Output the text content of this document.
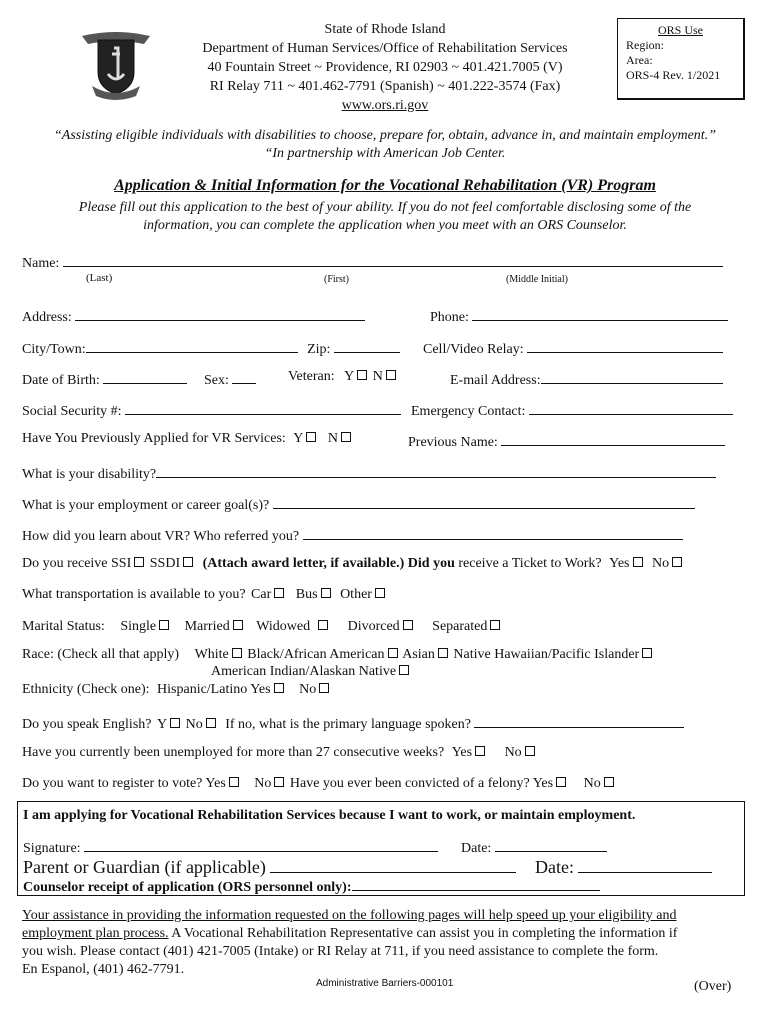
State of Rhode Island
Department of Human Services/Office of Rehabilitation Services
40 Fountain Street ~ Providence, RI 02903 ~ 401.421.7005 (V)
RI Relay 711 ~ 401.462-7791 (Spanish) ~ 401.222-3574 (Fax)
www.ors.ri.gov
ORS Use
Region:
Area:
ORS-4 Rev. 1/2021
“Assisting eligible individuals with disabilities to choose, prepare for, obtain, advance in, and maintain employment.”
“In partnership with American Job Center.
Application & Initial Information for the Vocational Rehabilitation (VR) Program
Please fill out this application to the best of your ability. If you do not feel comfortable disclosing some of the
information, you can complete the application when you meet with an ORS Counselor.
Name:
(Last)	(First)	(Middle Initial)
Address:	Phone:
City/Town:	Zip:	Cell/Video Relay:
Date of Birth:	Sex:	Veteran: Y N	E-mail Address:
Social Security #:	Emergency Contact:
Have You Previously Applied for VR Services: Y N	Previous Name:
What is your disability?
What is your employment or career goal(s)?
How did you learn about VR? Who referred you?
Do you receive SSI SSDI (Attach award letter, if available.) Did you receive a Ticket to Work? Yes No
What transportation is available to you? Car Bus Other
Marital Status: Single Married Widowed	Divorced Separated
Race: (Check all that apply) White Black/African American Asian Native Hawaiian/Pacific Islander
American Indian/Alaskan Native
Ethnicity (Check one): Hispanic/Latino Yes No
Do you speak English? Y No If no, what is the primary language spoken?
Have you currently been unemployed for more than 27 consecutive weeks? Yes No
Do you want to register to vote? Yes No Have you ever been convicted of a felony? Yes No
I am applying for Vocational Rehabilitation Services because I want to work, or maintain employment.
Signature:	Date:
Parent or Guardian (if applicable)	Date:
Counselor receipt of application (ORS personnel only):
Your assistance in providing the information requested on the following pages will help speed up your eligibility and
employment plan process. A Vocational Rehabilitation Representative can assist you in completing the information if
you wish. Please contact (401) 421-7005 (Intake) or RI Relay at 711, if you need assistance to complete the form.
En Espanol, (401) 462-7791.
Administrative Barriers-000101	(Over)
